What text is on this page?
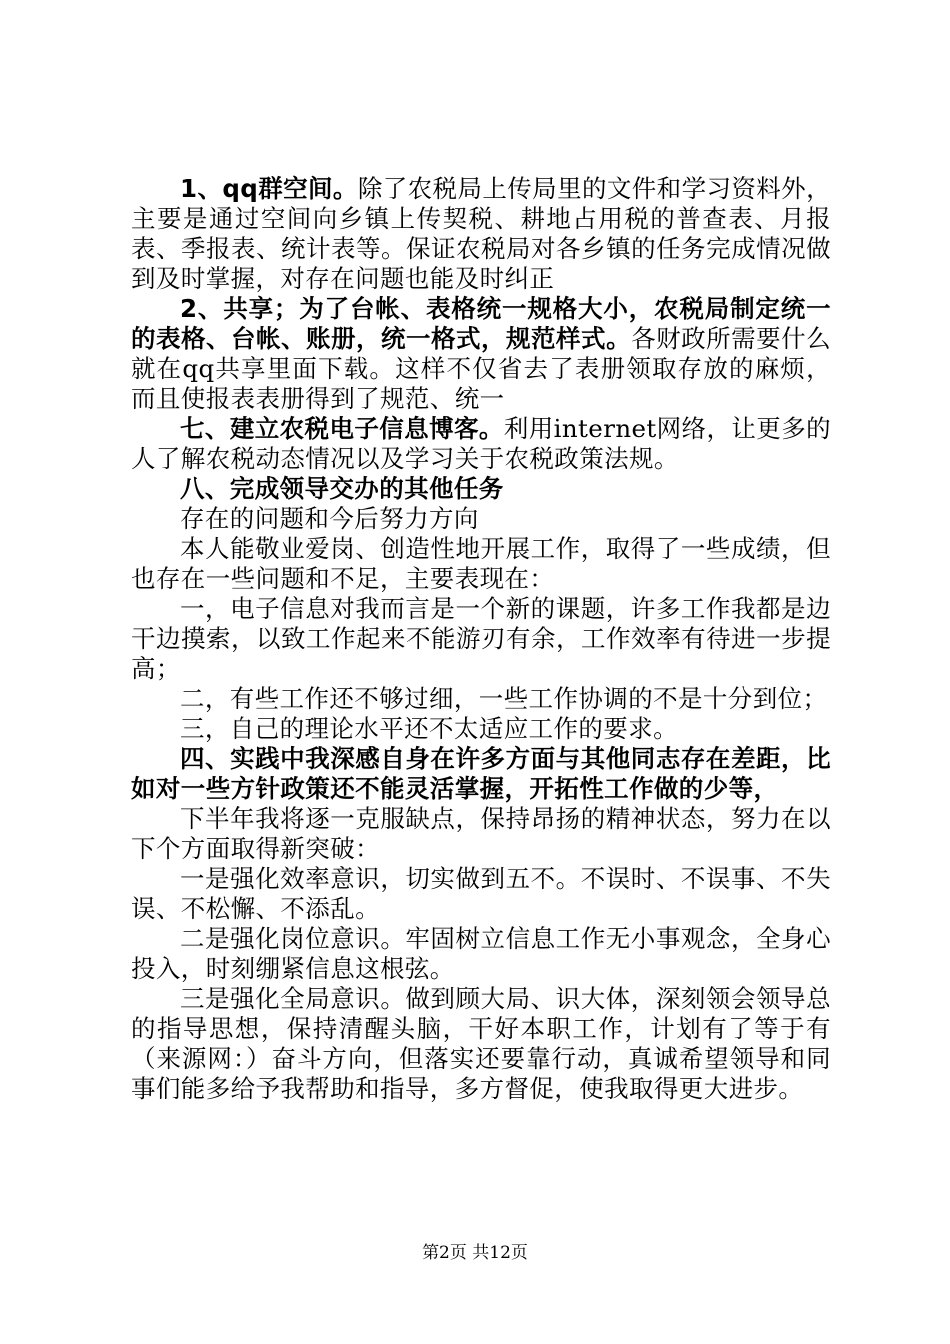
1、qq群空间。除了农税局上传局里的文件和学习资料外，主要是通过空间向乡镇上传契税、耕地占用税的普查表、月报表、季报表、统计表等。保证农税局对各乡镇的任务完成情况做到及时掌握，对存在问题也能及时纠正

2、共享；为了台帐、表格统一规格大小，农税局制定统一的表格、台帐、账册，统一格式，规范样式。各财政所需要什么就在qq共享里面下载。这样不仅省去了表册领取存放的麻烦，而且使报表表册得到了规范、统一

七、建立农税电子信息博客。利用internet网络，让更多的人了解农税动态情况以及学习关于农税政策法规。

八、完成领导交办的其他任务

存在的问题和今后努力方向

本人能敬业爱岗、创造性地开展工作，取得了一些成绩，但也存在一些问题和不足，主要表现在：

一，电子信息对我而言是一个新的课题，许多工作我都是边干边摸索，以致工作起来不能游刃有余，工作效率有待进一步提高；

二，有些工作还不够过细，一些工作协调的不是十分到位；

三，自己的理论水平还不太适应工作的要求。

四、实践中我深感自身在许多方面与其他同志存在差距，比如对一些方针政策还不能灵活掌握，开拓性工作做的少等，

下半年我将逐一克服缺点，保持昂扬的精神状态，努力在以下个方面取得新突破：

一是强化效率意识，切实做到五不。不误时、不误事、不失误、不松懈、不添乱。

二是强化岗位意识。牢固树立信息工作无小事观念，全身心投入，时刻绷紧信息这根弦。

三是强化全局意识。做到顾大局、识大体，深刻领会领导总的指导思想，保持清醒头脑，干好本职工作，计划有了等于有（来源网：）奋斗方向，但落实还要靠行动，真诚希望领导和同事们能多给予我帮助和指导，多方督促，使我取得更大进步。

第2页 共12页
